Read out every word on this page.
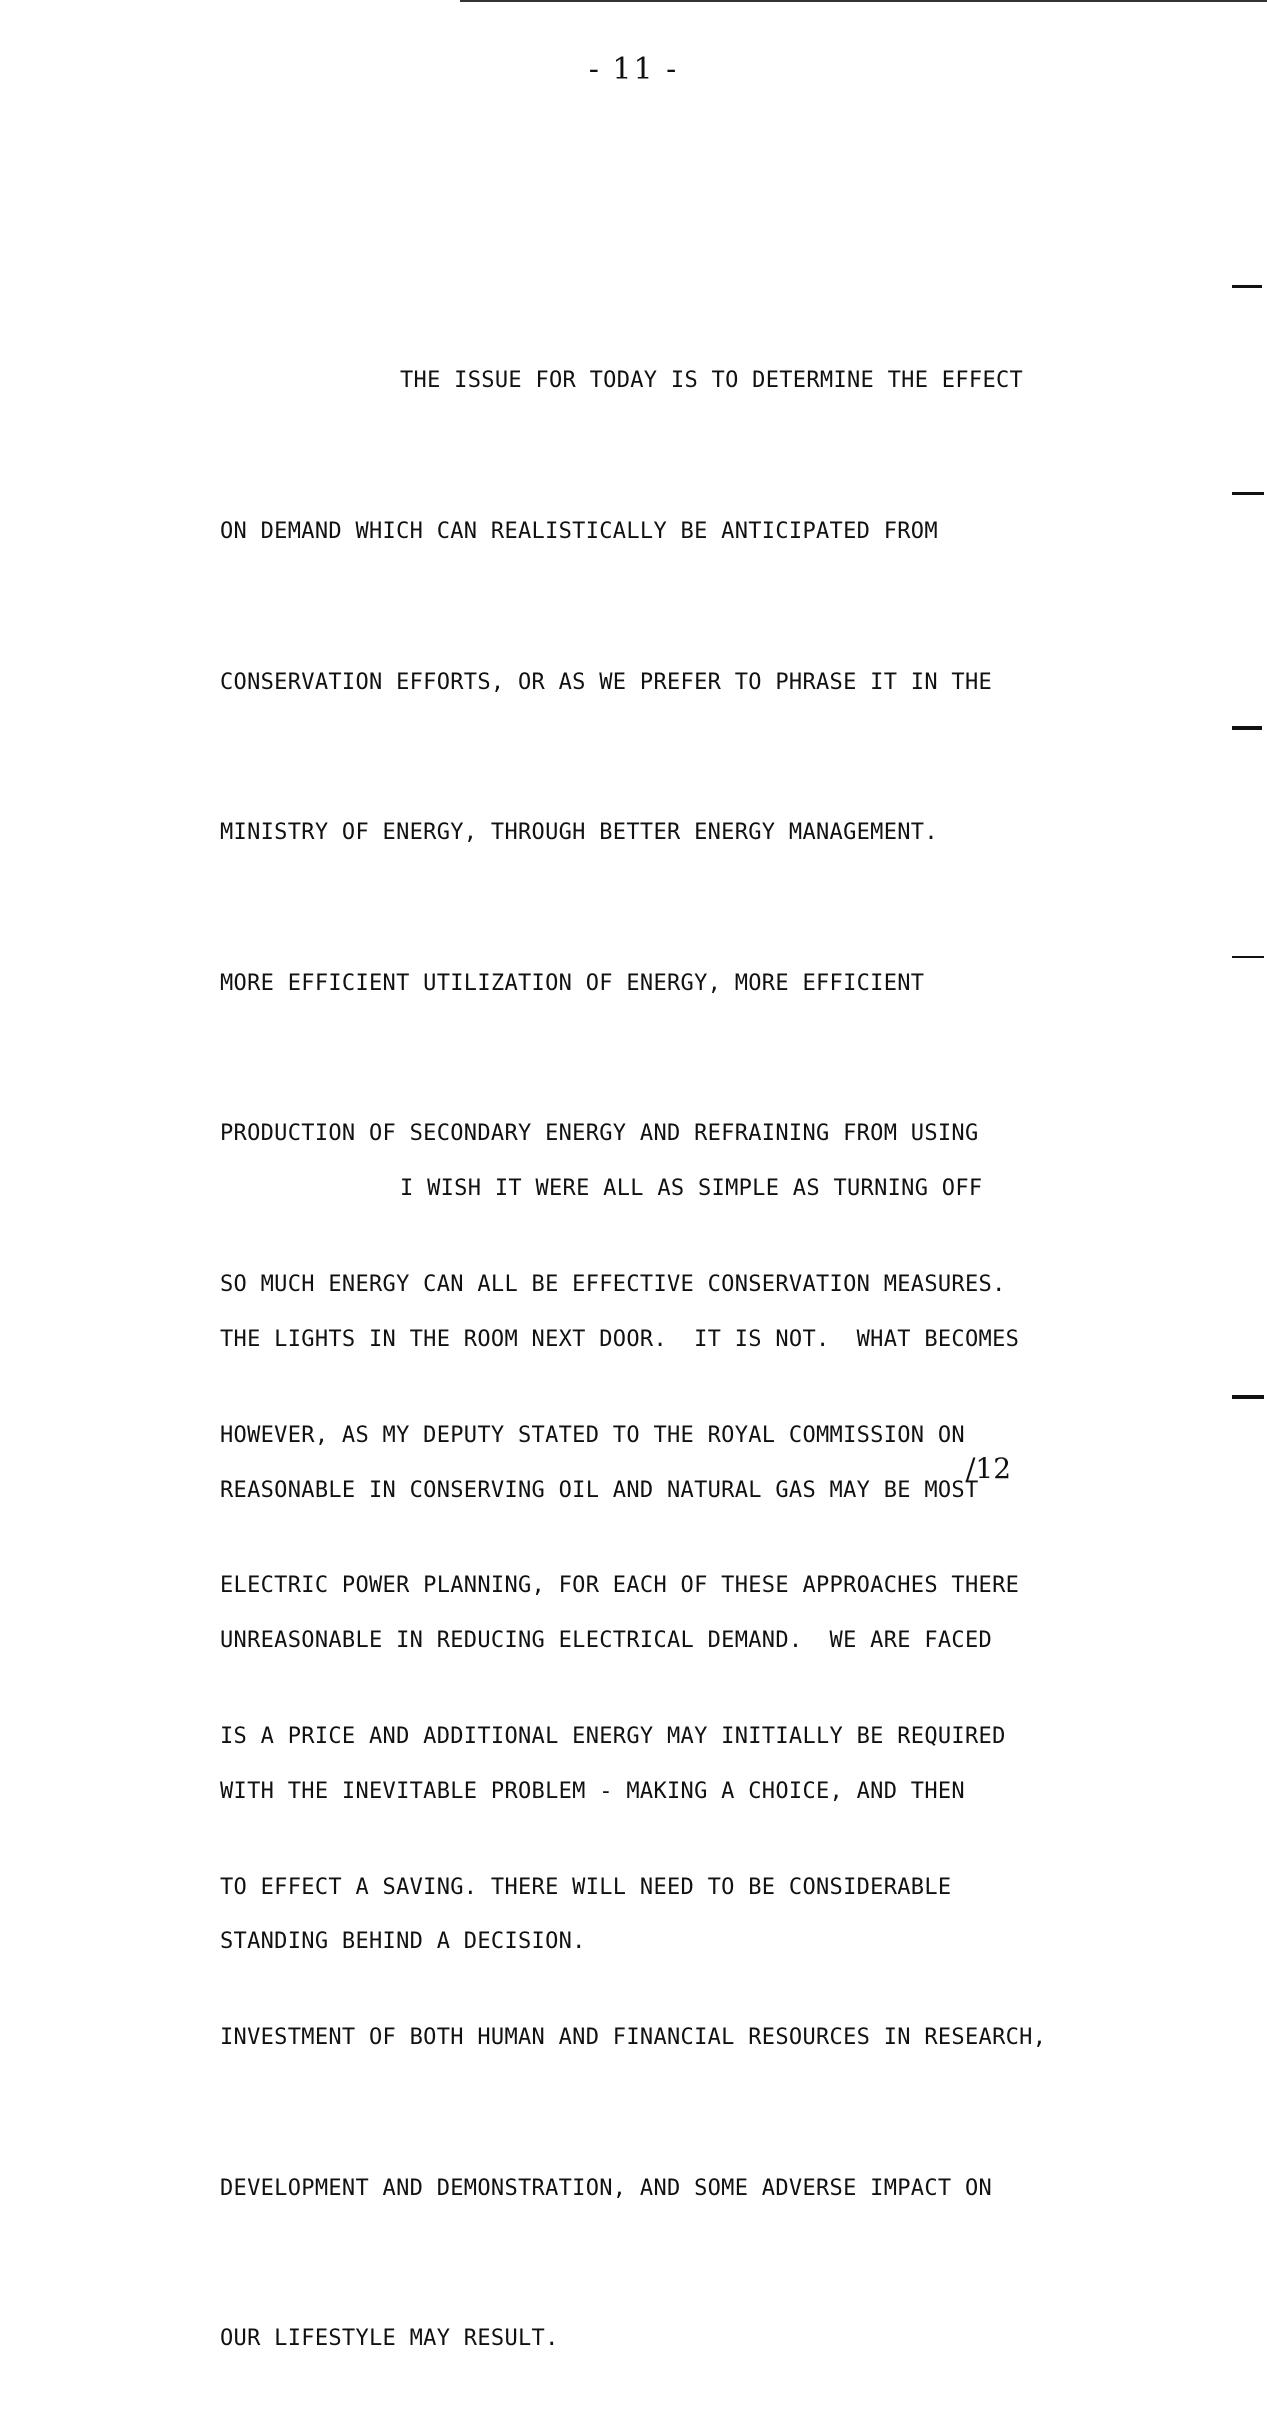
- 11 -

THE ISSUE FOR TODAY IS TO DETERMINE THE EFFECT

ON DEMAND WHICH CAN REALISTICALLY BE ANTICIPATED FROM

CONSERVATION EFFORTS, OR AS WE PREFER TO PHRASE IT IN THE

MINISTRY OF ENERGY, THROUGH BETTER ENERGY MANAGEMENT.

MORE EFFICIENT UTILIZATION OF ENERGY, MORE EFFICIENT

PRODUCTION OF SECONDARY ENERGY AND REFRAINING FROM USING

SO MUCH ENERGY CAN ALL BE EFFECTIVE CONSERVATION MEASURES.

HOWEVER, AS MY DEPUTY STATED TO THE ROYAL COMMISSION ON

ELECTRIC POWER PLANNING, FOR EACH OF THESE APPROACHES THERE

IS A PRICE AND ADDITIONAL ENERGY MAY INITIALLY BE REQUIRED

TO EFFECT A SAVING. THERE WILL NEED TO BE CONSIDERABLE

INVESTMENT OF BOTH HUMAN AND FINANCIAL RESOURCES IN RESEARCH,

DEVELOPMENT AND DEMONSTRATION, AND SOME ADVERSE IMPACT ON

OUR LIFESTYLE MAY RESULT.

I WISH IT WERE ALL AS SIMPLE AS TURNING OFF

THE LIGHTS IN THE ROOM NEXT DOOR.  IT IS NOT.  WHAT BECOMES

REASONABLE IN CONSERVING OIL AND NATURAL GAS MAY BE MOST

UNREASONABLE IN REDUCING ELECTRICAL DEMAND.  WE ARE FACED

WITH THE INEVITABLE PROBLEM - MAKING A CHOICE, AND THEN

STANDING BEHIND A DECISION.

/12
